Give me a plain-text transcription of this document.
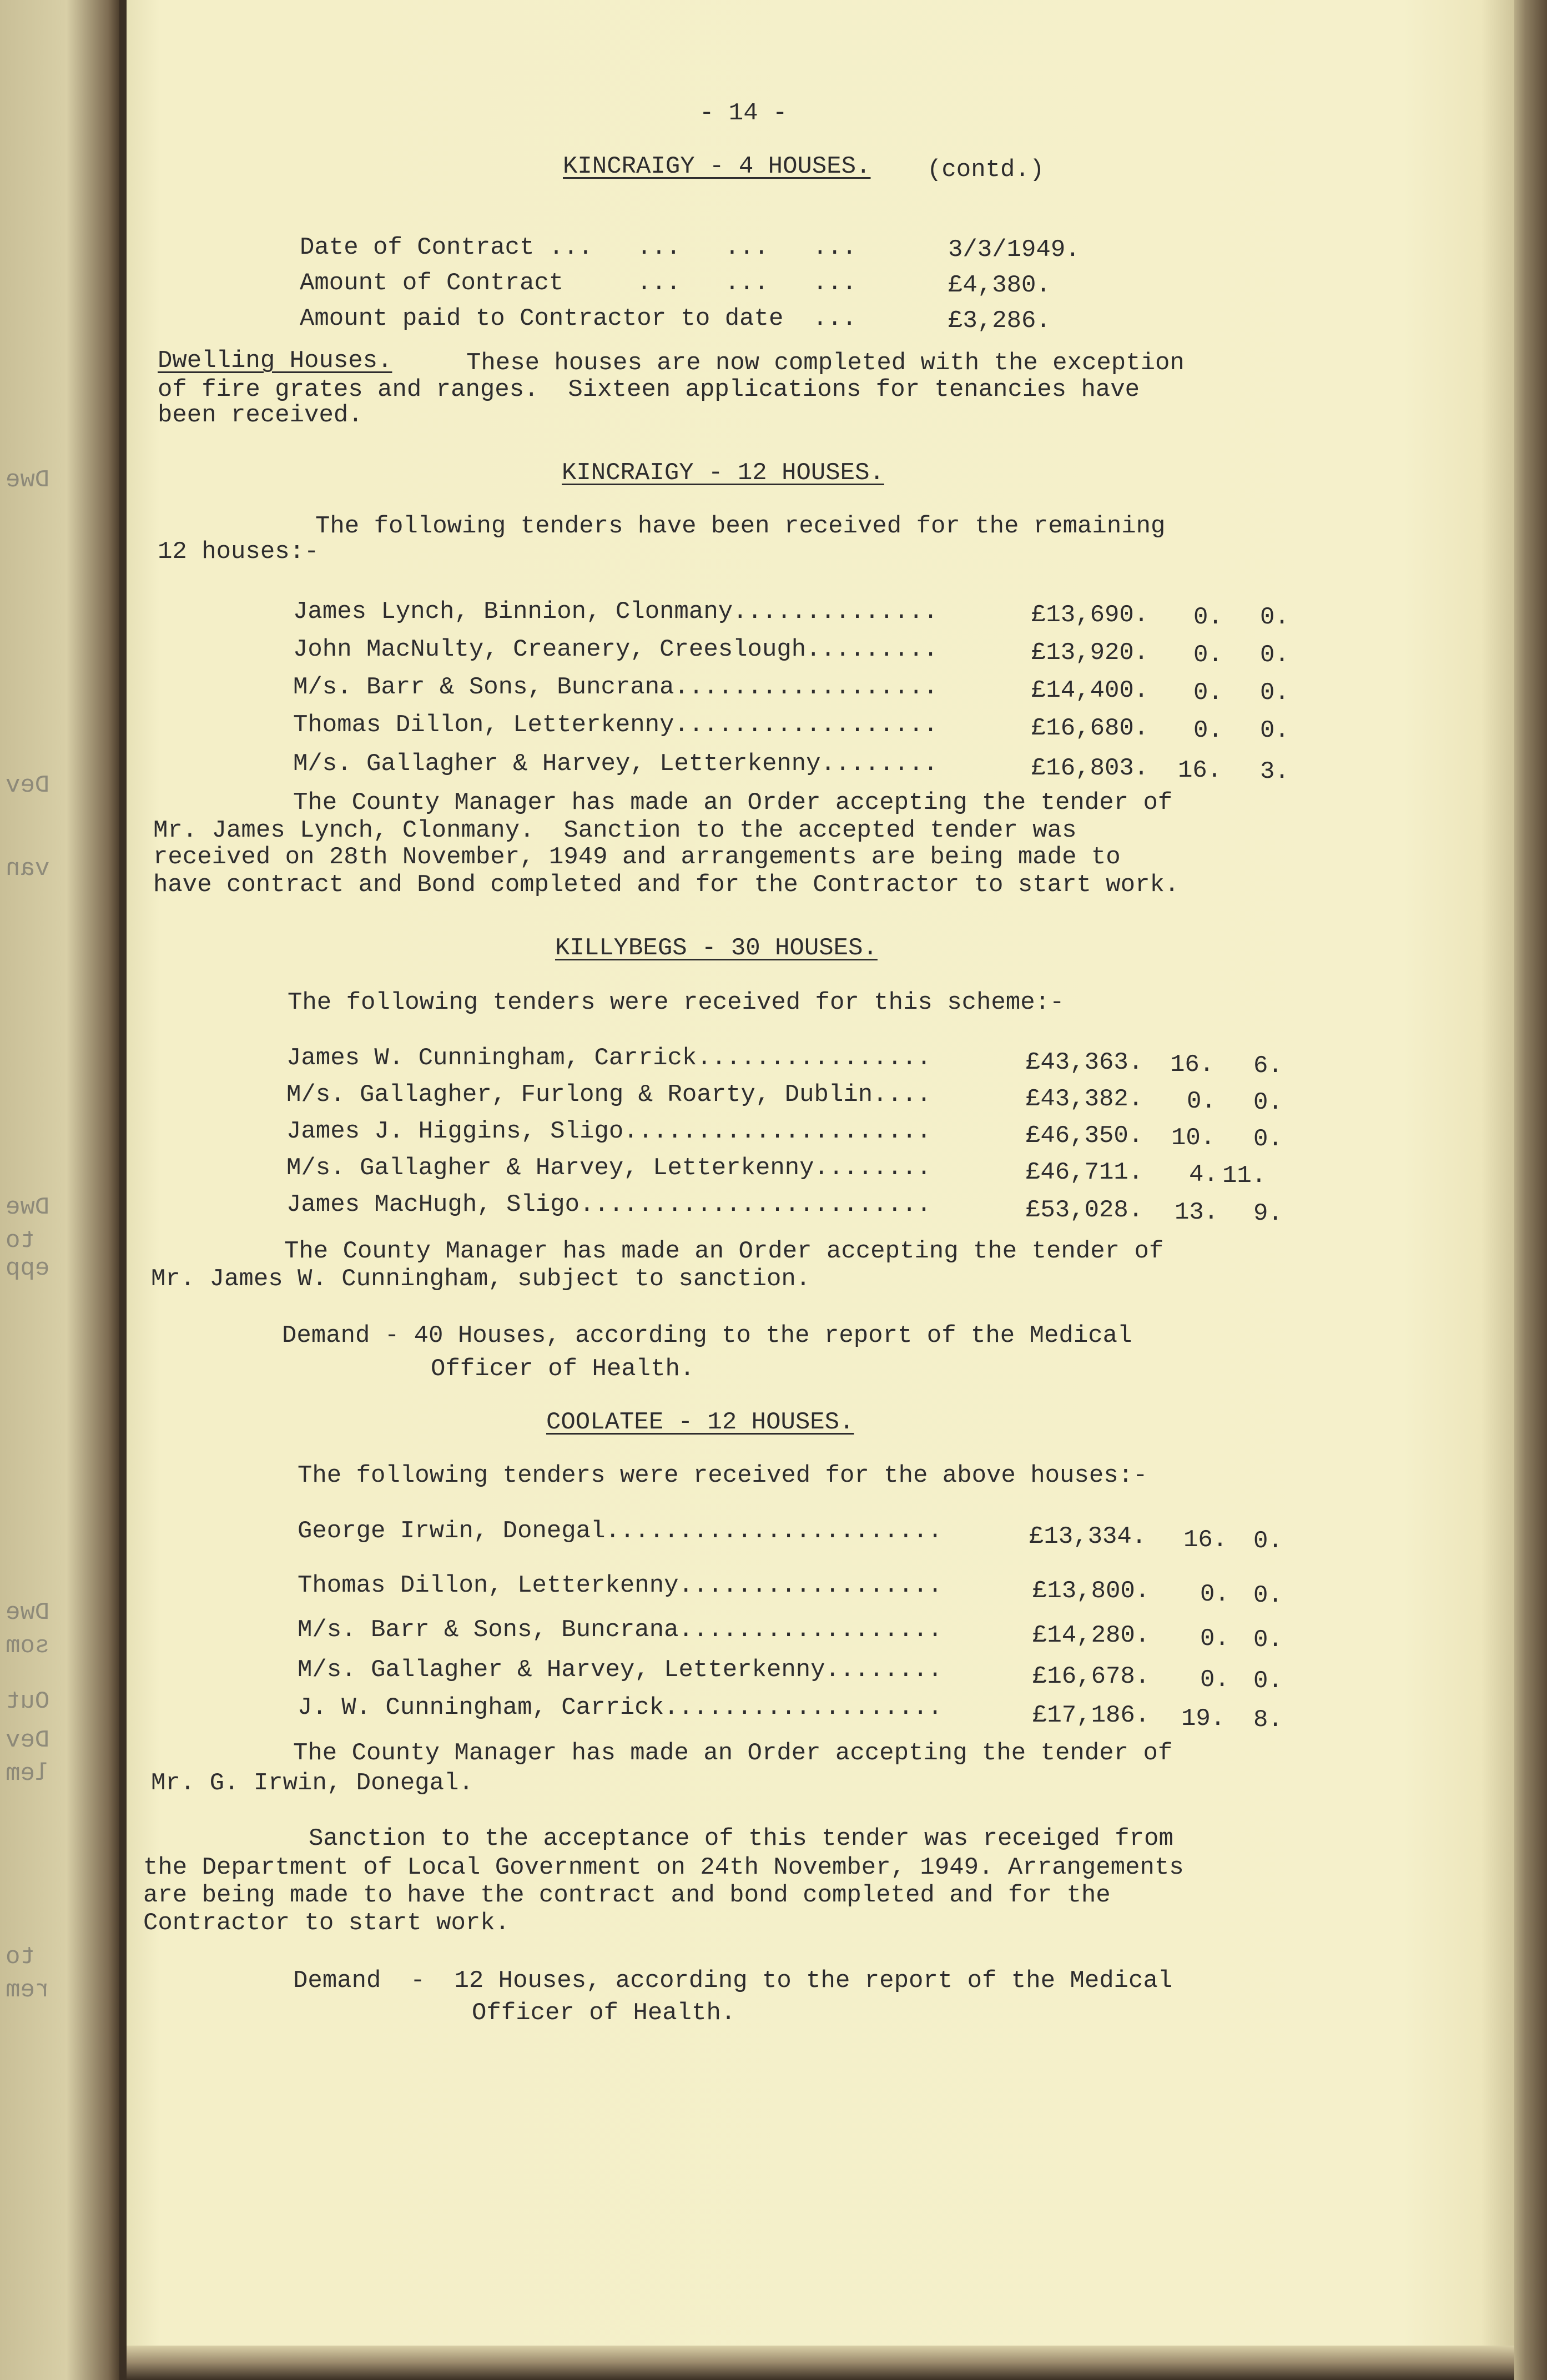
Dwe
Dev
van
Dwe
to
epp
Dwe
som
Out
Dev
lem
to
rem
- 14 -
KINCRAIGY - 4 HOUSES. (contd.)
Date of Contract ...   ...   ...   ...	3/3/1949.
Amount of Contract     ...   ...   ...	£4,380.
Amount paid to Contractor to date  ...	£3,286.
Dwelling Houses.	These houses are now completed with the exception
of fire grates and ranges.  Sixteen applications for tenancies have
been received.
KINCRAIGY - 12 HOUSES.
The following tenders have been received for the remaining
12 houses:-
James Lynch, Binnion, Clonmany..............	£13,690. 0. 0.
John MacNulty, Creanery, Creeslough.........	£13,920. 0. 0.
M/s. Barr & Sons, Buncrana..................	£14,400. 0. 0.
Thomas Dillon, Letterkenny..................	£16,680. 0. 0.
M/s. Gallagher & Harvey, Letterkenny........	£16,803. 16. 3.
The County Manager has made an Order accepting the tender of
Mr. James Lynch, Clonmany.  Sanction to the accepted tender was
received on 28th November, 1949 and arrangements are being made to
have contract and Bond completed and for the Contractor to start work.
KILLYBEGS - 30 HOUSES.
The following tenders were received for this scheme:-
James W. Cunningham, Carrick................	£43,363. 16. 6.
M/s. Gallagher, Furlong & Roarty, Dublin....	£43,382. 0. 0.
James J. Higgins, Sligo.....................	£46,350. 10. 0.
M/s. Gallagher & Harvey, Letterkenny........	£46,711. 4. 11.
James MacHugh, Sligo........................	£53,028. 13. 9.
The County Manager has made an Order accepting the tender of
Mr. James W. Cunningham, subject to sanction.
Demand - 40 Houses, according to the report of the Medical
Officer of Health.
COOLATEE - 12 HOUSES.
The following tenders were received for the above houses:-
George Irwin, Donegal.......................	£13,334. 16. 0.
Thomas Dillon, Letterkenny..................	£13,800. 0. 0.
M/s. Barr & Sons, Buncrana..................	£14,280. 0. 0.
M/s. Gallagher & Harvey, Letterkenny........	£16,678. 0. 0.
J. W. Cunningham, Carrick...................	£17,186. 19. 8.
The County Manager has made an Order accepting the tender of
Mr. G. Irwin, Donegal.
Sanction to the acceptance of this tender was receiged from
the Department of Local Government on 24th November, 1949. Arrangements
are being made to have the contract and bond completed and for the
Contractor to start work.
Demand  -  12 Houses, according to the report of the Medical
Officer of Health.
